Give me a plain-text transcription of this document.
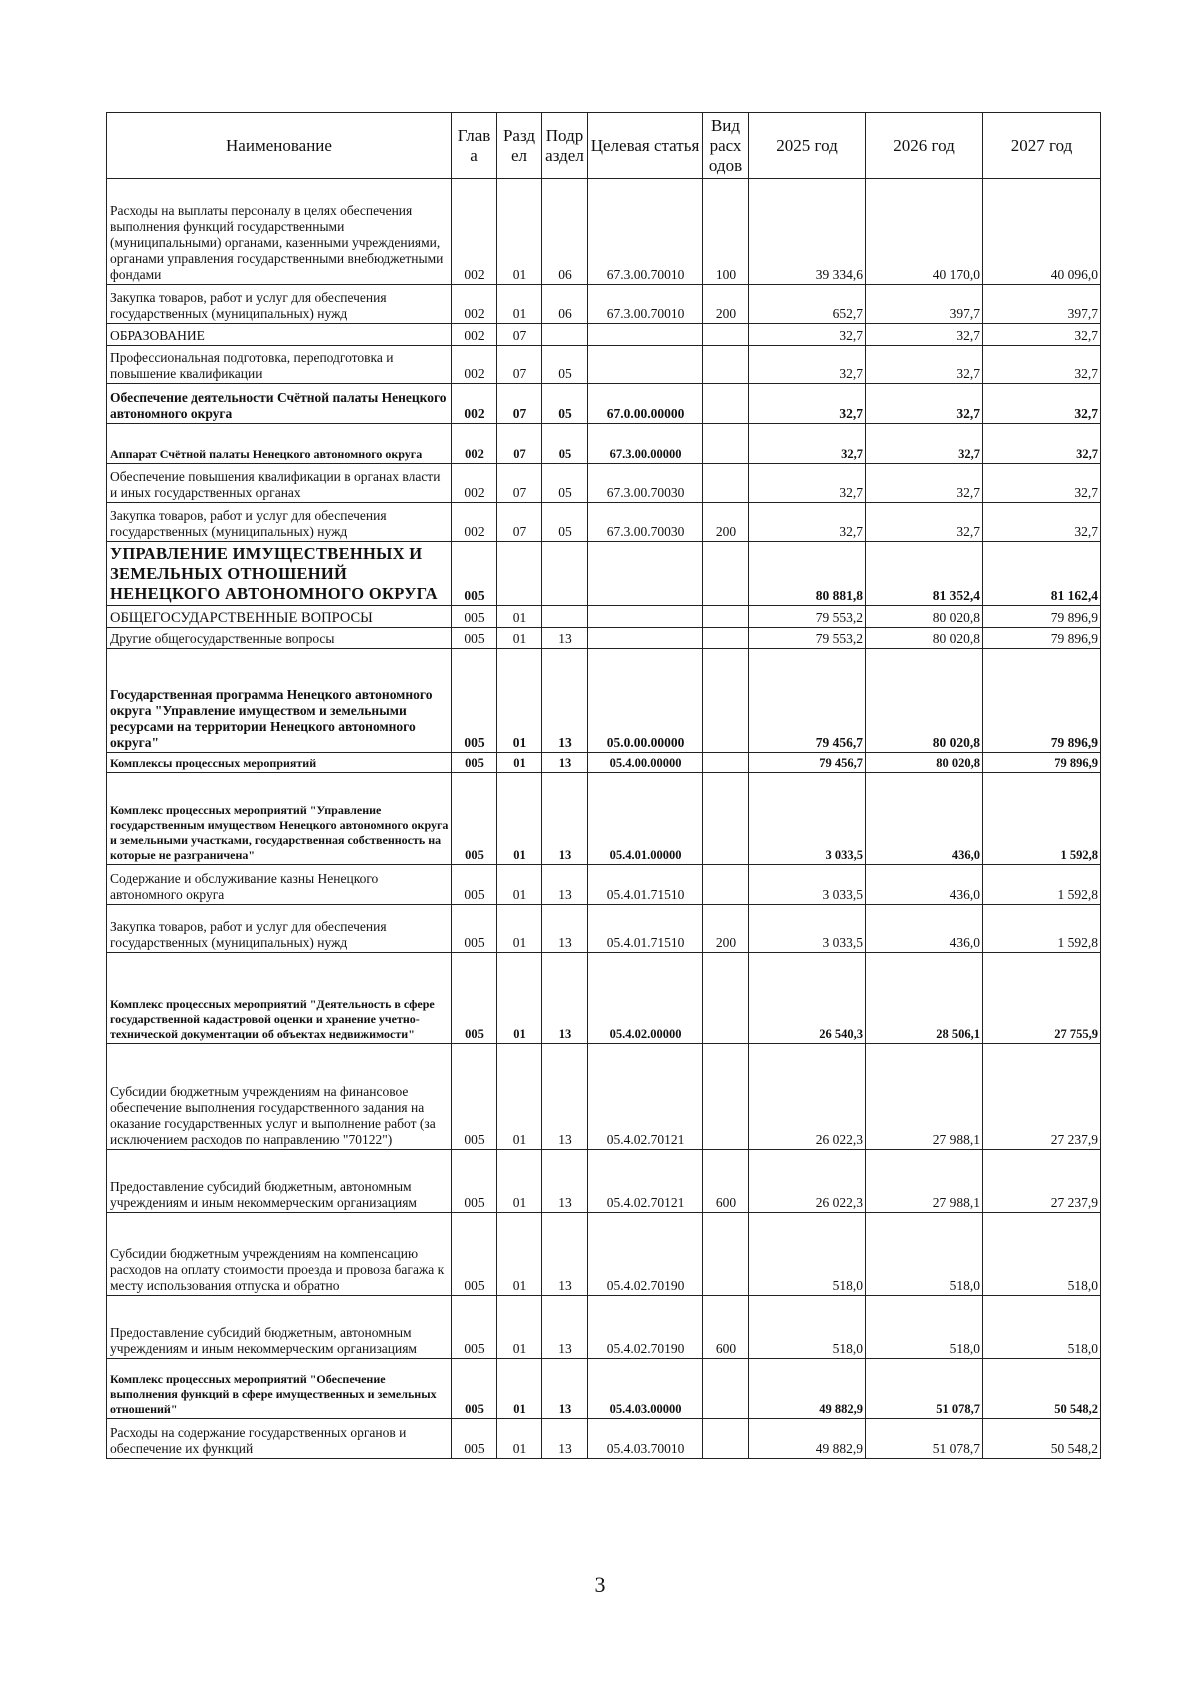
Наименование	Глав а	Разд ел	Подр аздел	Целевая статья	Вид расх одов	2025 год	2026 год	2027 год
Расходы на выплаты персоналу в целях обеспечения выполнения функций государственными (муниципальными) органами, казенными учреждениями, органами управления государственными внебюджетными фондами	002	01	06	67.3.00.70010	100	39 334,6	40 170,0	40 096,0
Закупка товаров, работ и услуг для обеспечения государственных (муниципальных) нужд	002	01	06	67.3.00.70010	200	652,7	397,7	397,7
ОБРАЗОВАНИЕ	002	07				32,7	32,7	32,7
Профессиональная подготовка, переподготовка и повышение квалификации	002	07	05			32,7	32,7	32,7
Обеспечение деятельности Счётной палаты Ненецкого автономного округа	002	07	05	67.0.00.00000		32,7	32,7	32,7
Аппарат Счётной палаты Ненецкого автономного округа	002	07	05	67.3.00.00000		32,7	32,7	32,7
Обеспечение повышения квалификации в органах власти и иных государственных органах	002	07	05	67.3.00.70030		32,7	32,7	32,7
Закупка товаров, работ и услуг для обеспечения государственных (муниципальных) нужд	002	07	05	67.3.00.70030	200	32,7	32,7	32,7
УПРАВЛЕНИЕ ИМУЩЕСТВЕННЫХ И ЗЕМЕЛЬНЫХ ОТНОШЕНИЙ НЕНЕЦКОГО АВТОНОМНОГО ОКРУГА	005					80 881,8	81 352,4	81 162,4
ОБЩЕГОСУДАРСТВЕННЫЕ ВОПРОСЫ	005	01				79 553,2	80 020,8	79 896,9
Другие общегосударственные вопросы	005	01	13			79 553,2	80 020,8	79 896,9
Государственная программа Ненецкого автономного округа "Управление имуществом и земельными ресурсами на территории Ненецкого автономного округа"	005	01	13	05.0.00.00000		79 456,7	80 020,8	79 896,9
Комплексы процессных мероприятий	005	01	13	05.4.00.00000		79 456,7	80 020,8	79 896,9
Комплекс процессных мероприятий "Управление государственным имуществом Ненецкого автономного округа и земельными участками, государственная собственность на которые не разграничена"	005	01	13	05.4.01.00000		3 033,5	436,0	1 592,8
Содержание и обслуживание казны Ненецкого автономного округа	005	01	13	05.4.01.71510		3 033,5	436,0	1 592,8
Закупка товаров, работ и услуг для обеспечения государственных (муниципальных) нужд	005	01	13	05.4.01.71510	200	3 033,5	436,0	1 592,8
Комплекс процессных мероприятий "Деятельность в сфере государственной кадастровой оценки и хранение учетно-технической документации об объектах недвижимости"	005	01	13	05.4.02.00000		26 540,3	28 506,1	27 755,9
Субсидии бюджетным учреждениям на финансовое обеспечение выполнения государственного задания на оказание государственных услуг и выполнение работ (за исключением расходов по направлению "70122")	005	01	13	05.4.02.70121		26 022,3	27 988,1	27 237,9
Предоставление субсидий бюджетным, автономным учреждениям и иным некоммерческим организациям	005	01	13	05.4.02.70121	600	26 022,3	27 988,1	27 237,9
Субсидии бюджетным учреждениям на компенсацию расходов на оплату стоимости проезда и провоза багажа к месту использования отпуска и обратно	005	01	13	05.4.02.70190		518,0	518,0	518,0
Предоставление субсидий бюджетным, автономным учреждениям и иным некоммерческим организациям	005	01	13	05.4.02.70190	600	518,0	518,0	518,0
Комплекс процессных мероприятий "Обеспечение выполнения функций в сфере имущественных и земельных отношений"	005	01	13	05.4.03.00000		49 882,9	51 078,7	50 548,2
Расходы на содержание государственных органов и обеспечение их функций	005	01	13	05.4.03.70010		49 882,9	51 078,7	50 548,2
3
